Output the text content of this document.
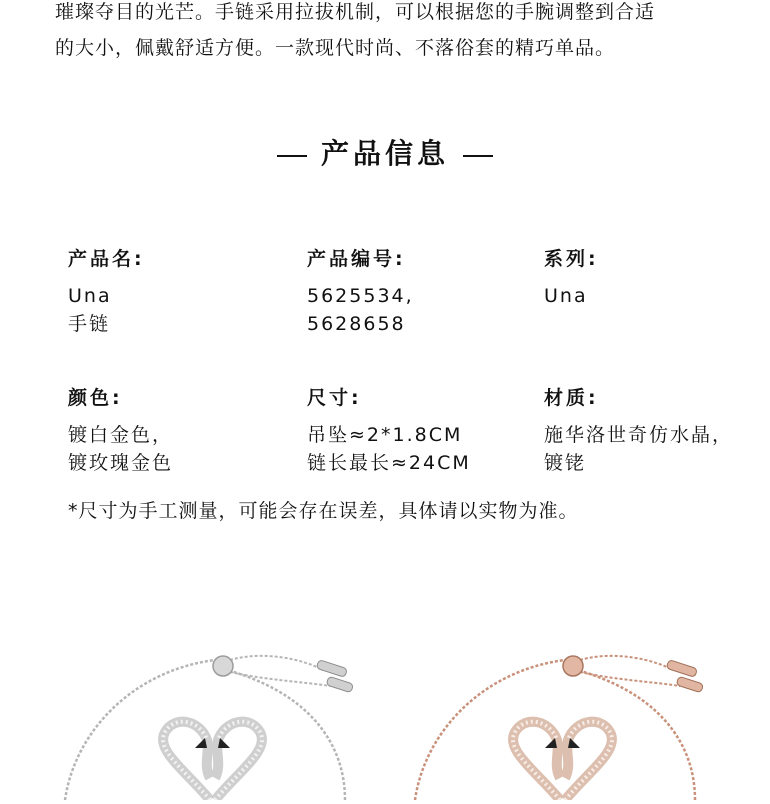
璀璨夺目的光芒。手链采用拉拔机制，可以根据您的手腕调整到合适

的大小，佩戴舒适方便。一款现代时尚、不落俗套的精巧单品。

产品信息

产品名:

Una
手链

产品编号:

5625534,
5628658

系列:

Una

颜色:

镀白金色，
镀玫瑰金色

尺寸:

吊坠≈2*1.8CM
链长最长≈24CM

材质:

施华洛世奇仿水晶，
镀铑
*尺寸为手工测量，可能会存在误差，具体请以实物为准。
